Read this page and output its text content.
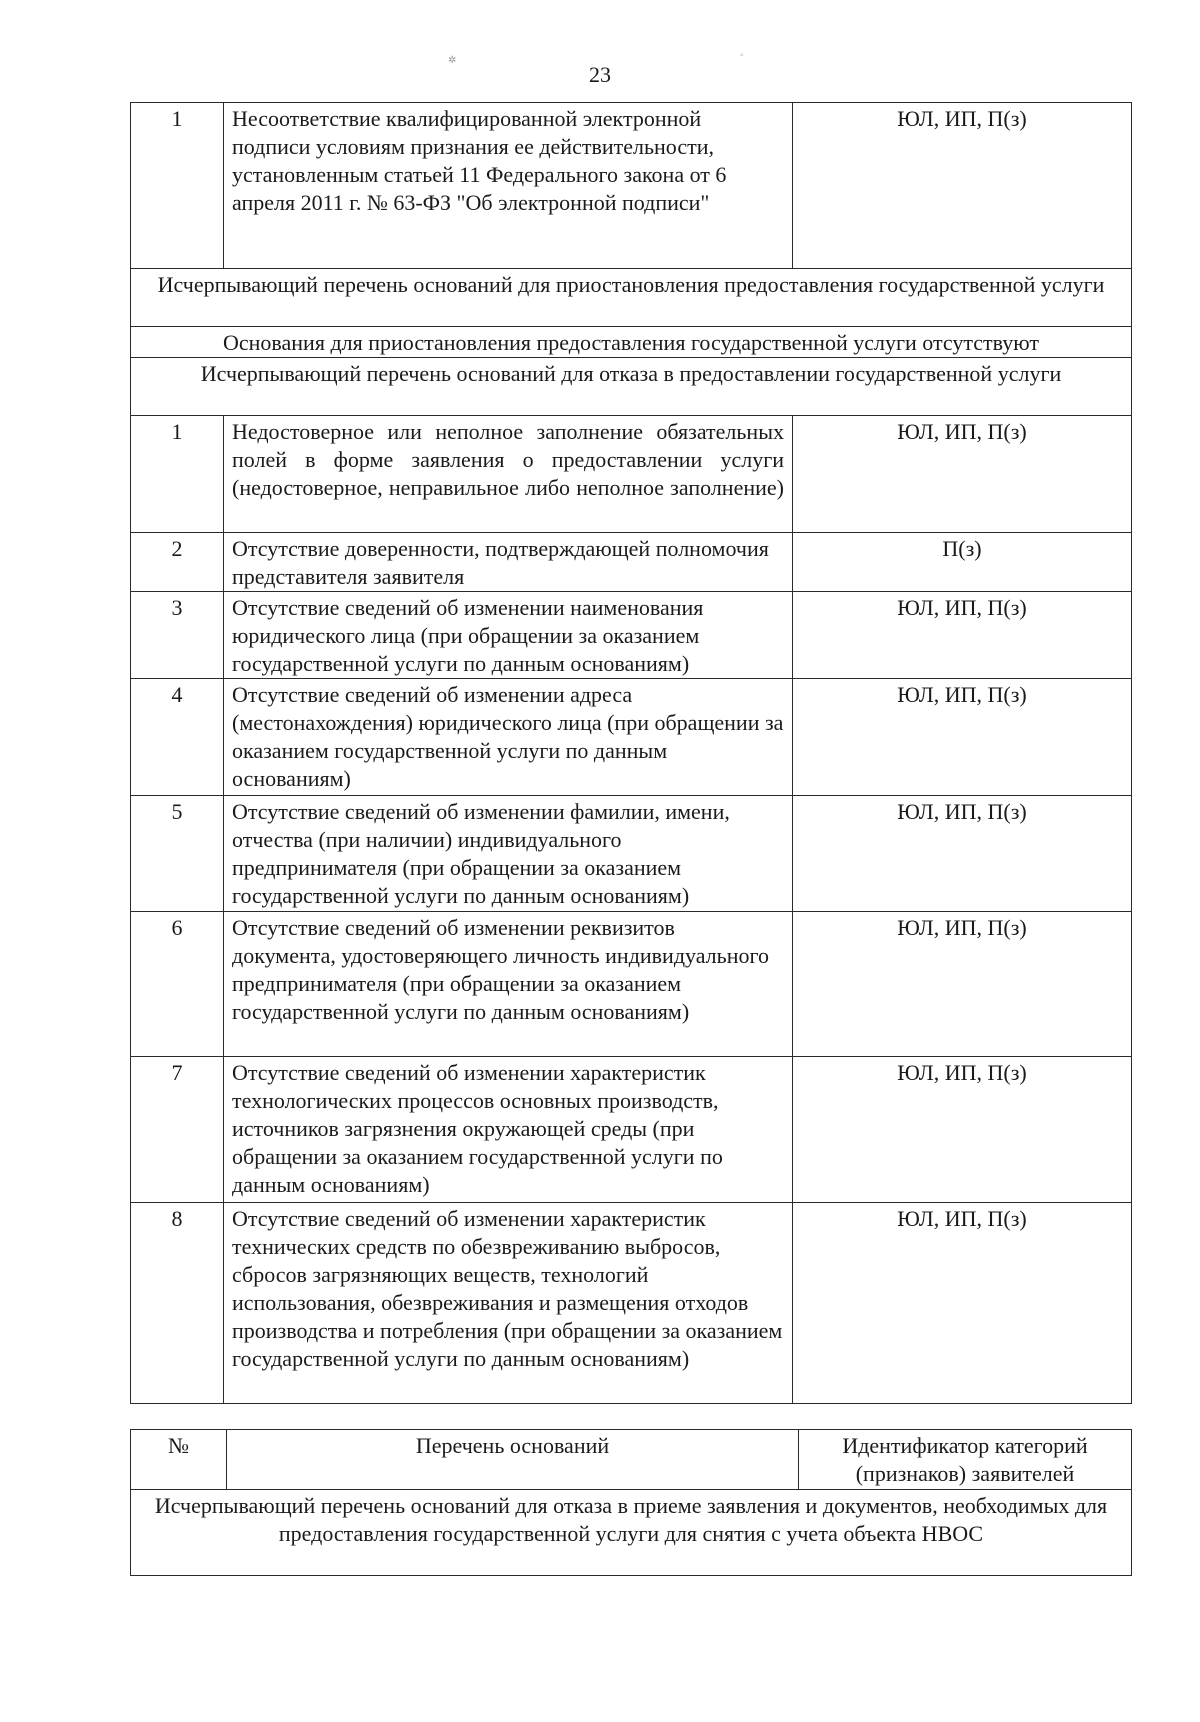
✲	◦
23
1	Несоответствие квалифицированной электронной подписи условиям признания ее действительности, установленным статьей 11 Федерального закона от 6 апреля 2011 г. № 63-ФЗ "Об электронной подписи"	ЮЛ, ИП, П(з)
Исчерпывающий перечень оснований для приостановления предоставления государственной услуги		
Основания для приостановления предоставления государственной услуги отсутствуют		
Исчерпывающий перечень оснований для отказа в предоставлении государственной услуги		
1	Недостоверное или неполное заполнение обязательных полей в форме заявления о предоставлении услуги (недостоверное, неправильное либо неполное заполнение)	ЮЛ, ИП, П(з)
2	Отсутствие доверенности, подтверждающей полномочия представителя заявителя	П(з)
3	Отсутствие сведений об изменении наименования юридического лица (при обращении за оказанием государственной услуги по данным основаниям)	ЮЛ, ИП, П(з)
4	Отсутствие сведений об изменении адреса (местонахождения) юридического лица (при обращении за оказанием государственной услуги по данным основаниям)	ЮЛ, ИП, П(з)
5	Отсутствие сведений об изменении фамилии, имени, отчества (при наличии) индивидуального предпринимателя (при обращении за оказанием государственной услуги по данным основаниям)	ЮЛ, ИП, П(з)
6	Отсутствие сведений об изменении реквизитов документа, удостоверяющего личность индивидуального предпринимателя (при обращении за оказанием государственной услуги по данным основаниям)	ЮЛ, ИП, П(з)
7	Отсутствие сведений об изменении характеристик технологических процессов основных производств, источников загрязнения окружающей среды (при обращении за оказанием государственной услуги по данным основаниям)	ЮЛ, ИП, П(з)
8	Отсутствие сведений об изменении характеристик технических средств по обезвреживанию выбросов, сбросов загрязняющих веществ, технологий использования, обезвреживания и размещения отходов производства и потребления (при обращении за оказанием государственной услуги по данным основаниям)	ЮЛ, ИП, П(з)
№	Перечень оснований	Идентификатор категорий (признаков) заявителей
Исчерпывающий перечень оснований для отказа в приеме заявления и документов, необходимых для предоставления государственной услуги для снятия с учета объекта НВОС
